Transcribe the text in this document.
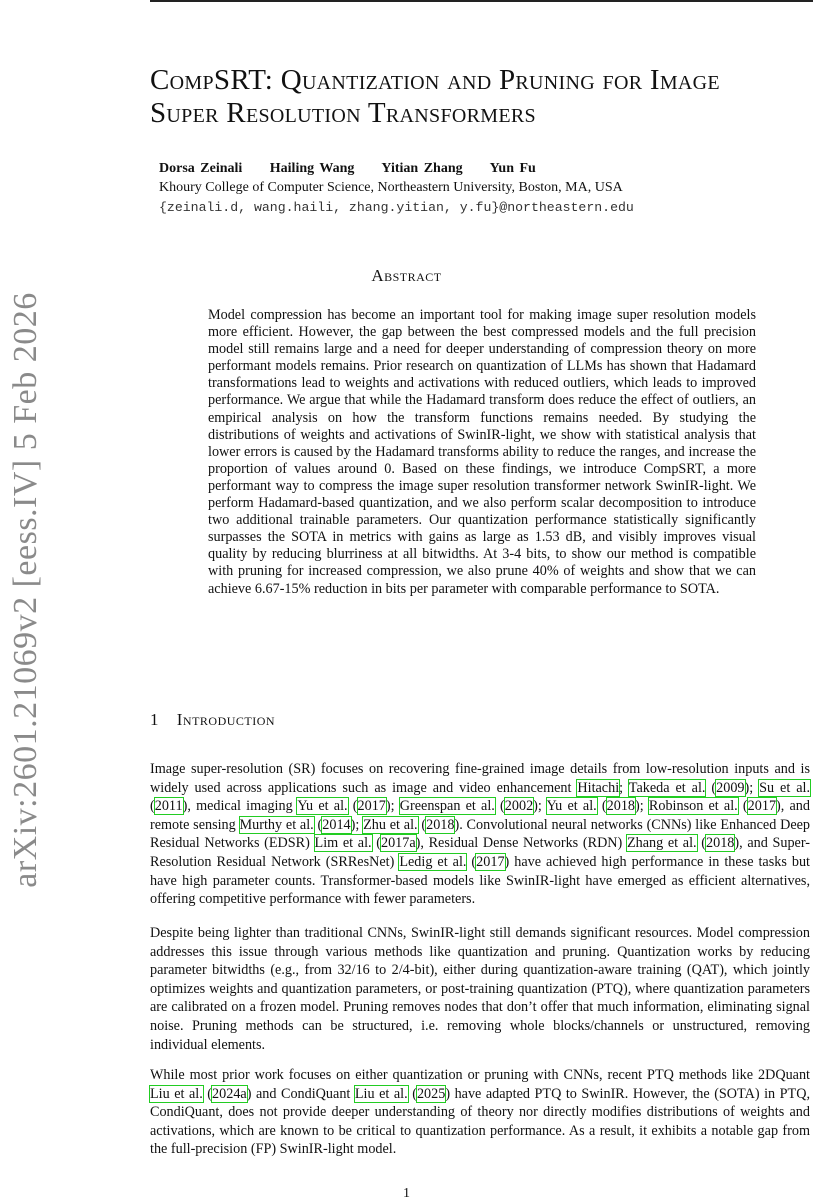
arXiv:2601.21069v2 [eess.IV] 5 Feb 2026
CompSRT: Quantization and Pruning for Image Super Resolution Transformers
Dorsa Zeinali Hailing Wang Yitian Zhang Yun Fu
Khoury College of Computer Science, Northeastern University, Boston, MA, USA
{zeinali.d, wang.haili, zhang.yitian, y.fu}@northeastern.edu
Abstract
Model compression has become an important tool for making image super resolution models more efficient. However, the gap between the best compressed models and the full precision model still remains large and a need for deeper understanding of compression theory on more performant models remains. Prior research on quantization of LLMs has shown that Hadamard transformations lead to weights and activations with reduced outliers, which leads to improved performance. We argue that while the Hadamard transform does reduce the effect of outliers, an empirical analysis on how the transform functions remains needed. By studying the distributions of weights and activations of SwinIR-light, we show with statistical analysis that lower errors is caused by the Hadamard transforms ability to reduce the ranges, and increase the proportion of values around 0. Based on these findings, we introduce CompSRT, a more performant way to compress the image super resolution transformer network SwinIR-light. We perform Hadamard-based quantization, and we also perform scalar decomposition to introduce two additional trainable parameters. Our quantization performance statistically significantly surpasses the SOTA in metrics with gains as large as 1.53 dB, and visibly improves visual quality by reducing blurriness at all bitwidths. At 3-4 bits, to show our method is compatible with pruning for increased compression, we also prune 40% of weights and show that we can achieve 6.67-15% reduction in bits per parameter with comparable performance to SOTA.
1 Introduction
Image super-resolution (SR) focuses on recovering fine-grained image details from low-resolution inputs and is widely used across applications such as image and video enhancement Hitachi; Takeda et al. (2009); Su et al. (2011), medical imaging Yu et al. (2017); Greenspan et al. (2002); Yu et al. (2018); Robinson et al. (2017), and remote sensing Murthy et al. (2014); Zhu et al. (2018). Convolutional neural networks (CNNs) like Enhanced Deep Residual Networks (EDSR) Lim et al. (2017a), Residual Dense Networks (RDN) Zhang et al. (2018), and Super-Resolution Residual Network (SRResNet) Ledig et al. (2017) have achieved high performance in these tasks but have high parameter counts. Transformer-based models like SwinIR-light have emerged as efficient alternatives, offering competitive performance with fewer parameters.
Despite being lighter than traditional CNNs, SwinIR-light still demands significant resources. Model compression addresses this issue through various methods like quantization and pruning. Quantization works by reducing parameter bitwidths (e.g., from 32/16 to 2/4-bit), either during quantization-aware training (QAT), which jointly optimizes weights and quantization parameters, or post-training quantization (PTQ), where quantization parameters are calibrated on a frozen model. Pruning removes nodes that don’t offer that much information, eliminating signal noise. Pruning methods can be structured, i.e. removing whole blocks/channels or unstructured, removing individual elements.
While most prior work focuses on either quantization or pruning with CNNs, recent PTQ methods like 2DQuant Liu et al. (2024a) and CondiQuant Liu et al. (2025) have adapted PTQ to SwinIR. However, the (SOTA) in PTQ, CondiQuant, does not provide deeper understanding of theory nor directly modifies distributions of weights and activations, which are known to be critical to quantization performance. As a result, it exhibits a notable gap from the full-precision (FP) SwinIR-light model.
1
